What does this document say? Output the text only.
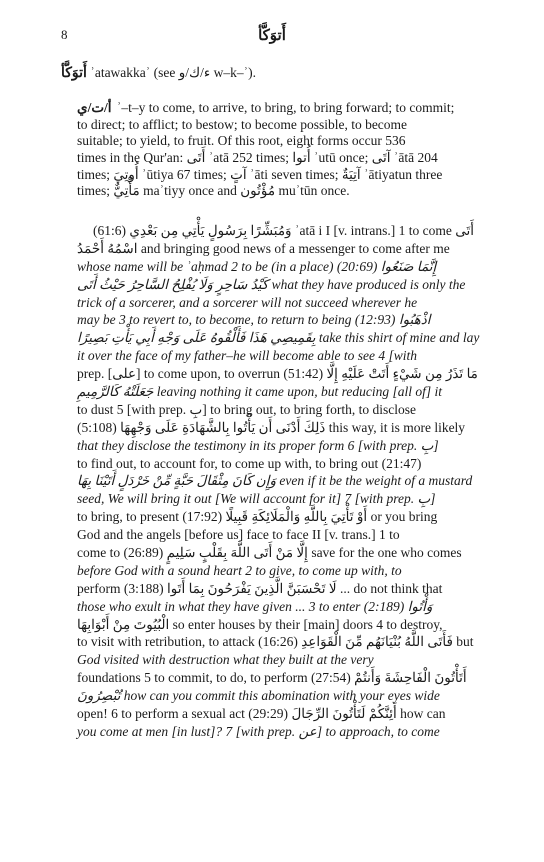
8	أَتوَكَّأ
أَتوَكَّأ ʾatawakkaʾ (see ء/ك/و w–k–ʾ).
أ/ت/ي ʾ–t–y to come, to arrive, to bring, to bring forward; to commit;
to direct; to afflict; to bestow; to become possible, to become
suitable; to yield, to fruit. Of this root, eight forms occur 536
times in the Qur'an: أَتَى ʾatā 252 times; أُتوا ʾutū once; آتَى ʾātā 204
times; أُوتِيَ ʾūtiya 67 times; آتٍ ʾāti seven times; آتِيَةٌ ʾātiyatun three
times; مَأْتِيٌّ maʾtiyy once and مُؤْتُون muʾtūn once.
وَمُبَشِّرًا بِرَسُولٍ يَأْتِي مِن بَعْدِي (61:6) ʾatā i I [v. intrans.] 1 to come أَتَى
اسْمُهُ أَحْمَدُ and bringing good news of a messenger to come after me
whose name will be ʾaḥmad 2 to be (in a place) (20:69) إِنَّمَا صَنَعُوا
كَيْدُ سَاحِرٍ وَلَا يُفْلِحُ السَّاحِرُ حَيْثُ أَتَى what they have produced is only the
trick of a sorcerer, and a sorcerer will not succeed wherever he
may be 3 to revert to, to become, to return to being (12:93) اذْهَبُوا
بِقَمِيصِي هَذَا فَأَلْقُوهُ عَلَى وَجْهِ أَبِي يَأْتِ بَصِيرًا take this shirt of mine and lay
it over the face of my father–he will become able to see 4 [with
prep. [على] to come upon, to overrun (51:42) مَا تَذَرُ مِن شَيْءٍ أَتَتْ عَلَيْهِ إِلَّا
جَعَلَتْهُ كَالرَّمِيمِ leaving nothing it came upon, but reducing [all of] it
to dust 5 [with prep. بِ] to bring out, to bring forth, to disclose
(5:108) ذَلِكَ أَدْنَى أَن يَأْتُوا بِالشَّهَادَةِ عَلَى وَجْهِهَا this way, it is more likely
that they disclose the testimony in its proper form 6 [with prep. بِ]
to find out, to account for, to come up with, to bring out (21:47)
وَإِن كَانَ مِثْقَالَ حَبَّةٍ مِّنْ خَرْدَلٍ أَتَيْنَا بِهَا even if it be the weight of a mustard
seed, We will bring it out [We will account for it] 7 [with prep. بِ]
to bring, to present (17:92) أَوْ تَأْتِيَ بِاللَّهِ وَالْمَلَائِكَةِ قَبِيلًا or you bring
God and the angels [before us] face to face II [v. trans.] 1 to
come to (26:89) إِلَّا مَنْ أَتَى اللَّهَ بِقَلْبٍ سَلِيمٍ save for the one who comes
before God with a sound heart 2 to give, to come up with, to
perform (3:188) لَا تَحْسَبَنَّ الَّذِينَ يَفْرَحُونَ بِمَا أَتَوا ... do not think that
those who exult in what they have given ... 3 to enter (2:189) وَأْتُوا
الْبُيُوتَ مِنْ أَبْوَابِهَا so enter houses by their [main] doors 4 to destroy,
to visit with retribution, to attack (16:26) فَأَتَى اللَّهُ بُنْيَانَهُم مِّنَ الْقَوَاعِدِ but
God visited with destruction what they built at the very
foundations 5 to commit, to do, to perform (27:54) أَتَأْتُونَ الْفَاحِشَةَ وَأَنتُمْ
تُبْصِرُونَ how can you commit this abomination with your eyes wide
open! 6 to perform a sexual act (29:29) أَئِنَّكُمْ لَتَأْتُونَ الرِّجَالَ how can
you come at men [in lust]? 7 [with prep. عن] to approach, to come
